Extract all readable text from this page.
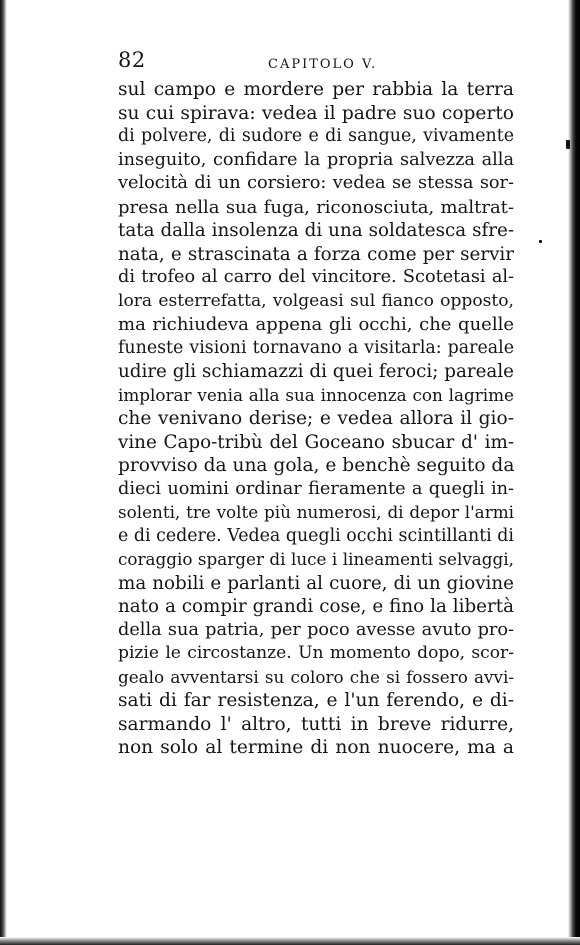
82	CAPITOLO V.
sul campo e mordere per rabbia la terra
su cui spirava: vedea il padre suo coperto
di polvere, di sudore e di sangue, vivamente
inseguito, confidare la propria salvezza alla
velocità di un corsiero: vedea se stessa sor-
presa nella sua fuga, riconosciuta, maltrat-
tata dalla insolenza di una soldatesca sfre-
nata, e strascinata a forza come per servir
di trofeo al carro del vincitore. Scotetasi al-
lora esterrefatta, volgeasi sul fianco opposto,
ma richiudeva appena gli occhi, che quelle
funeste visioni tornavano a visitarla: pareale
udire gli schiamazzi di quei feroci; pareale
implorar venia alla sua innocenza con lagrime
che venivano derise; e vedea allora il gio-
vine Capo-tribù del Goceano sbucar d' im-
provviso da una gola, e benchè seguito da
dieci uomini ordinar fieramente a quegli in-
solenti, tre volte più numerosi, di depor l'armi
e di cedere. Vedea quegli occhi scintillanti di
coraggio sparger di luce i lineamenti selvaggi,
ma nobili e parlanti al cuore, di un giovine
nato a compir grandi cose, e fino la libertà
della sua patria, per poco avesse avuto pro-
pizie le circostanze. Un momento dopo, scor-
gealo avventarsi su coloro che si fossero avvi-
sati di far resistenza, e l'un ferendo, e di-
sarmando l' altro, tutti in breve ridurre,
non solo al termine di non nuocere, ma a
